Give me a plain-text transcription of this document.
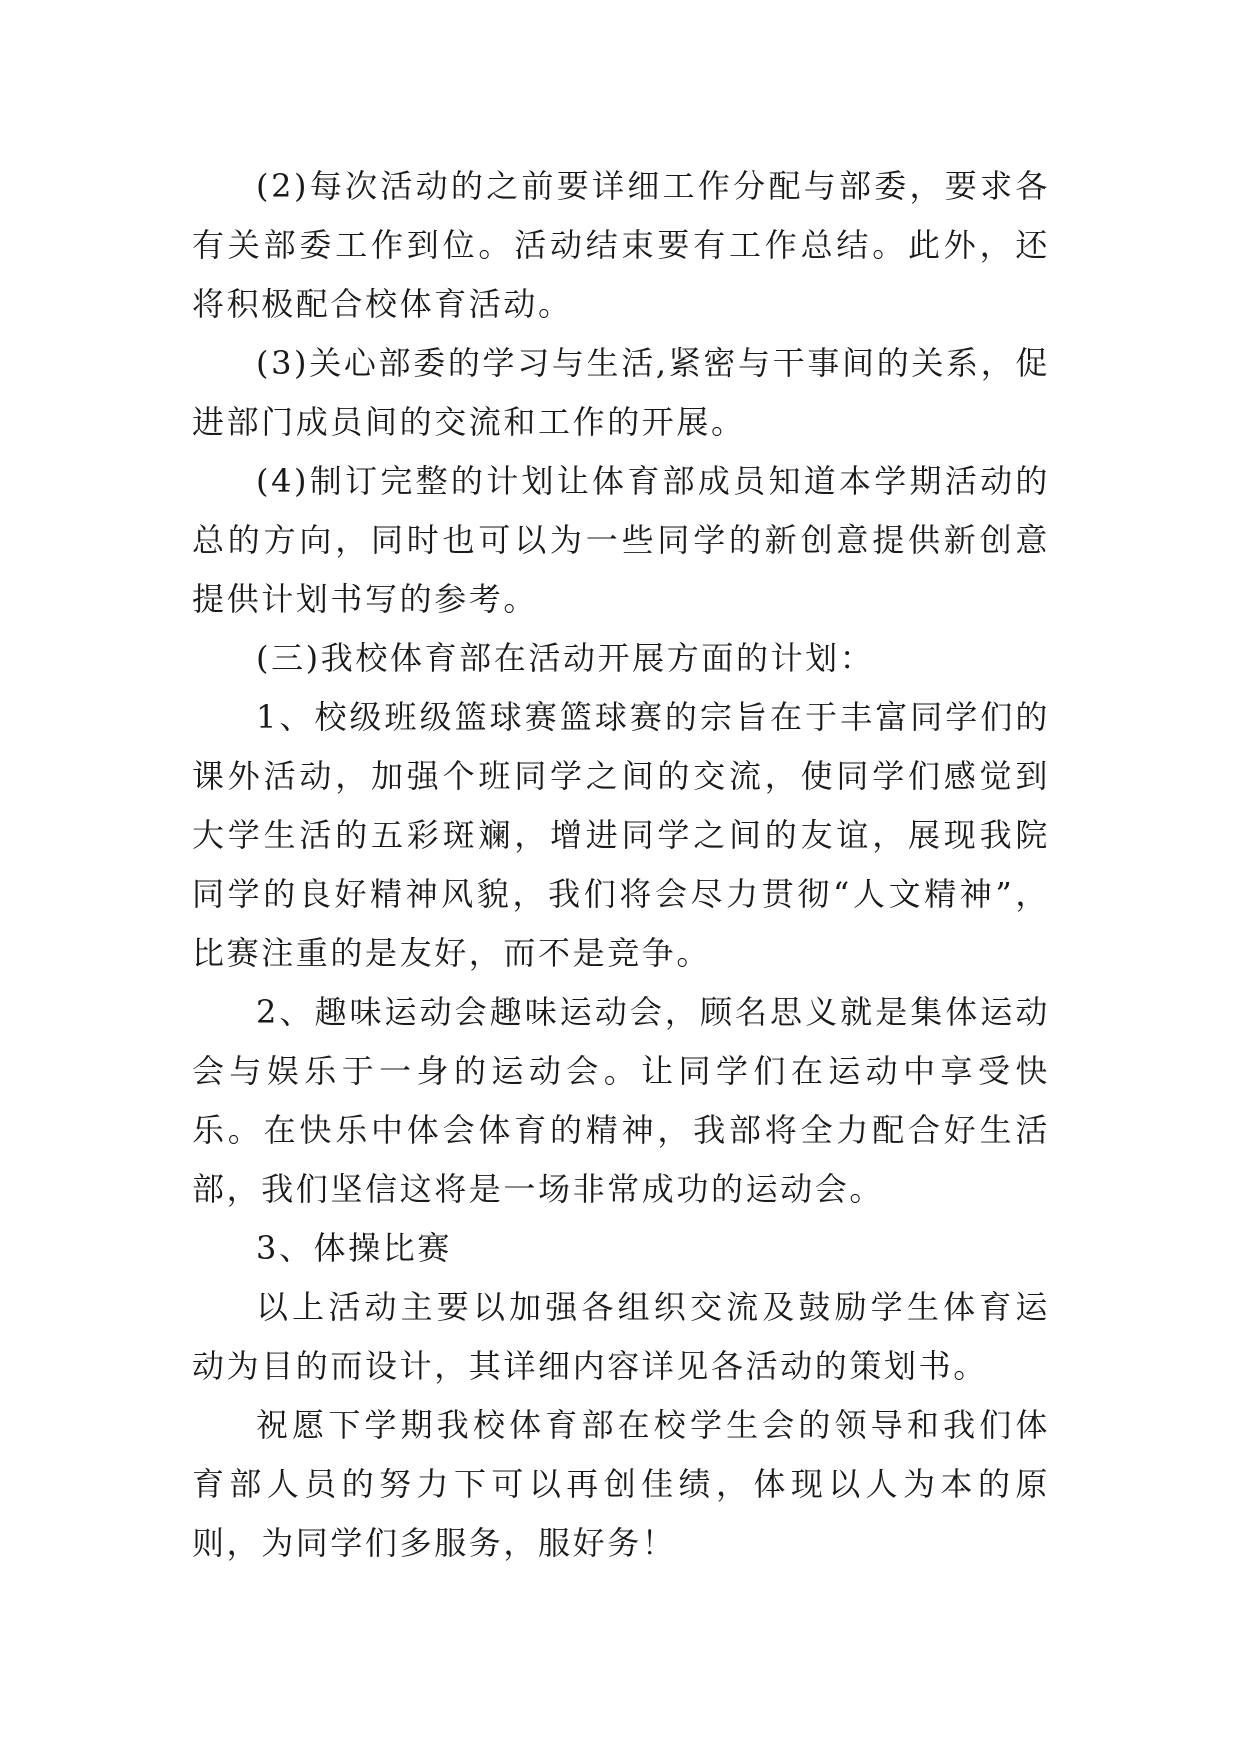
(2)每次活动的之前要详细工作分配与部委，要求各有关部委工作到位。活动结束要有工作总结。此外，还将积极配合校体育活动。

(3)关心部委的学习与生活,紧密与干事间的关系，促进部门成员间的交流和工作的开展。

(4)制订完整的计划让体育部成员知道本学期活动的总的方向，同时也可以为一些同学的新创意提供新创意提供计划书写的参考。

(三)我校体育部在活动开展方面的计划：

1、校级班级篮球赛篮球赛的宗旨在于丰富同学们的课外活动，加强个班同学之间的交流，使同学们感觉到大学生活的五彩斑斓，增进同学之间的友谊，展现我院同学的良好精神风貌，我们将会尽力贯彻“人文精神”，比赛注重的是友好，而不是竞争。

2、趣味运动会趣味运动会，顾名思义就是集体运动会与娱乐于一身的运动会。让同学们在运动中享受快乐。在快乐中体会体育的精神，我部将全力配合好生活部，我们坚信这将是一场非常成功的运动会。

3、体操比赛

以上活动主要以加强各组织交流及鼓励学生体育运动为目的而设计，其详细内容详见各活动的策划书。

祝愿下学期我校体育部在校学生会的领导和我们体育部人员的努力下可以再创佳绩，体现以人为本的原则，为同学们多服务，服好务！
